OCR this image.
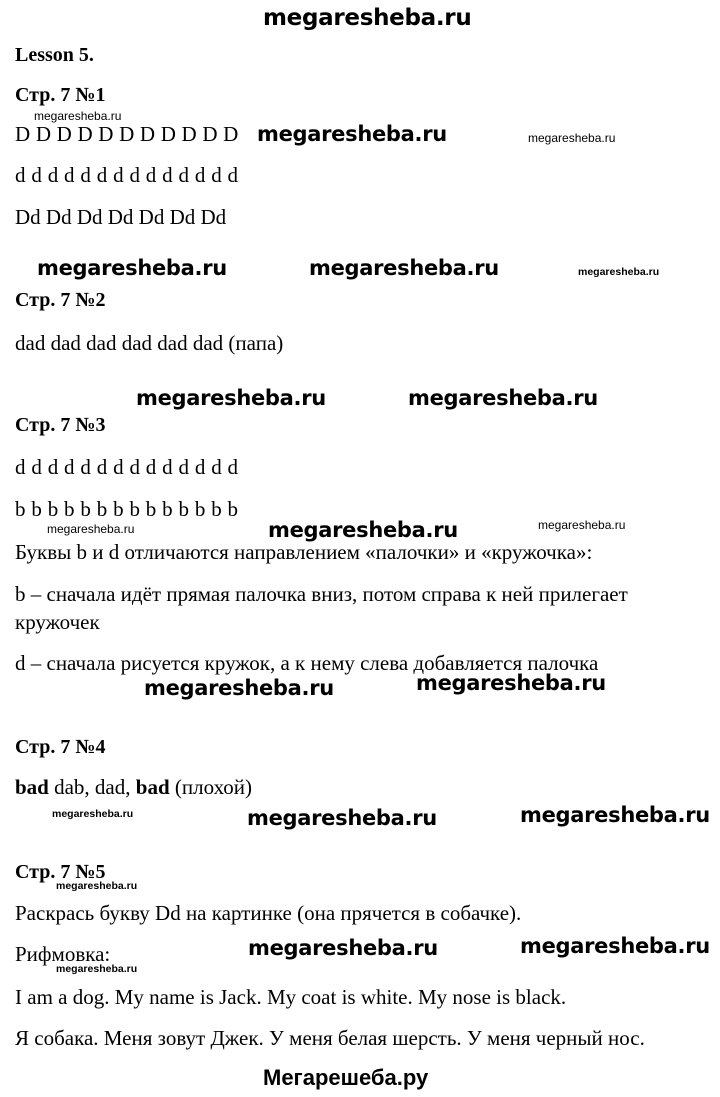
megaresheba.ru
Lesson 5.
Стр. 7 №1
megaresheba.ru
D D D D D D D D D D D megaresheba.ru	megaresheba.ru
d d d d d d d d d d d d d d
Dd Dd Dd Dd Dd Dd Dd
megaresheba.ru	megaresheba.ru	megaresheba.ru
Стр. 7 №2
dad dad dad dad dad dad (папа)
megaresheba.ru	megaresheba.ru
Стр. 7 №3
d d d d d d d d d d d d d d
b b b b b b b b b b b b b b
megaresheba.ru	megaresheba.ru	megaresheba.ru
Буквы b и d отличаются направлением «палочки» и «кружочка»:
b – сначала идёт прямая палочка вниз, потом справа к ней прилегает кружочек
d – сначала рисуется кружок, а к нему слева добавляется палочка
megaresheba.ru	megaresheba.ru
Стр. 7 №4
bad dab, dad, bad (плохой)
megaresheba.ru	megaresheba.ru	megaresheba.ru
Стр. 7 №5
megaresheba.ru
Раскрась букву Dd на картинке (она прячется в собачке).
Рифмовка:	megaresheba.ru	megaresheba.ru
megaresheba.ru
I am a dog. My name is Jack. My coat is white. My nose is black.
Я собака. Меня зовут Джек. У меня белая шерсть. У меня черный нос.
Мегарешеба.ру
